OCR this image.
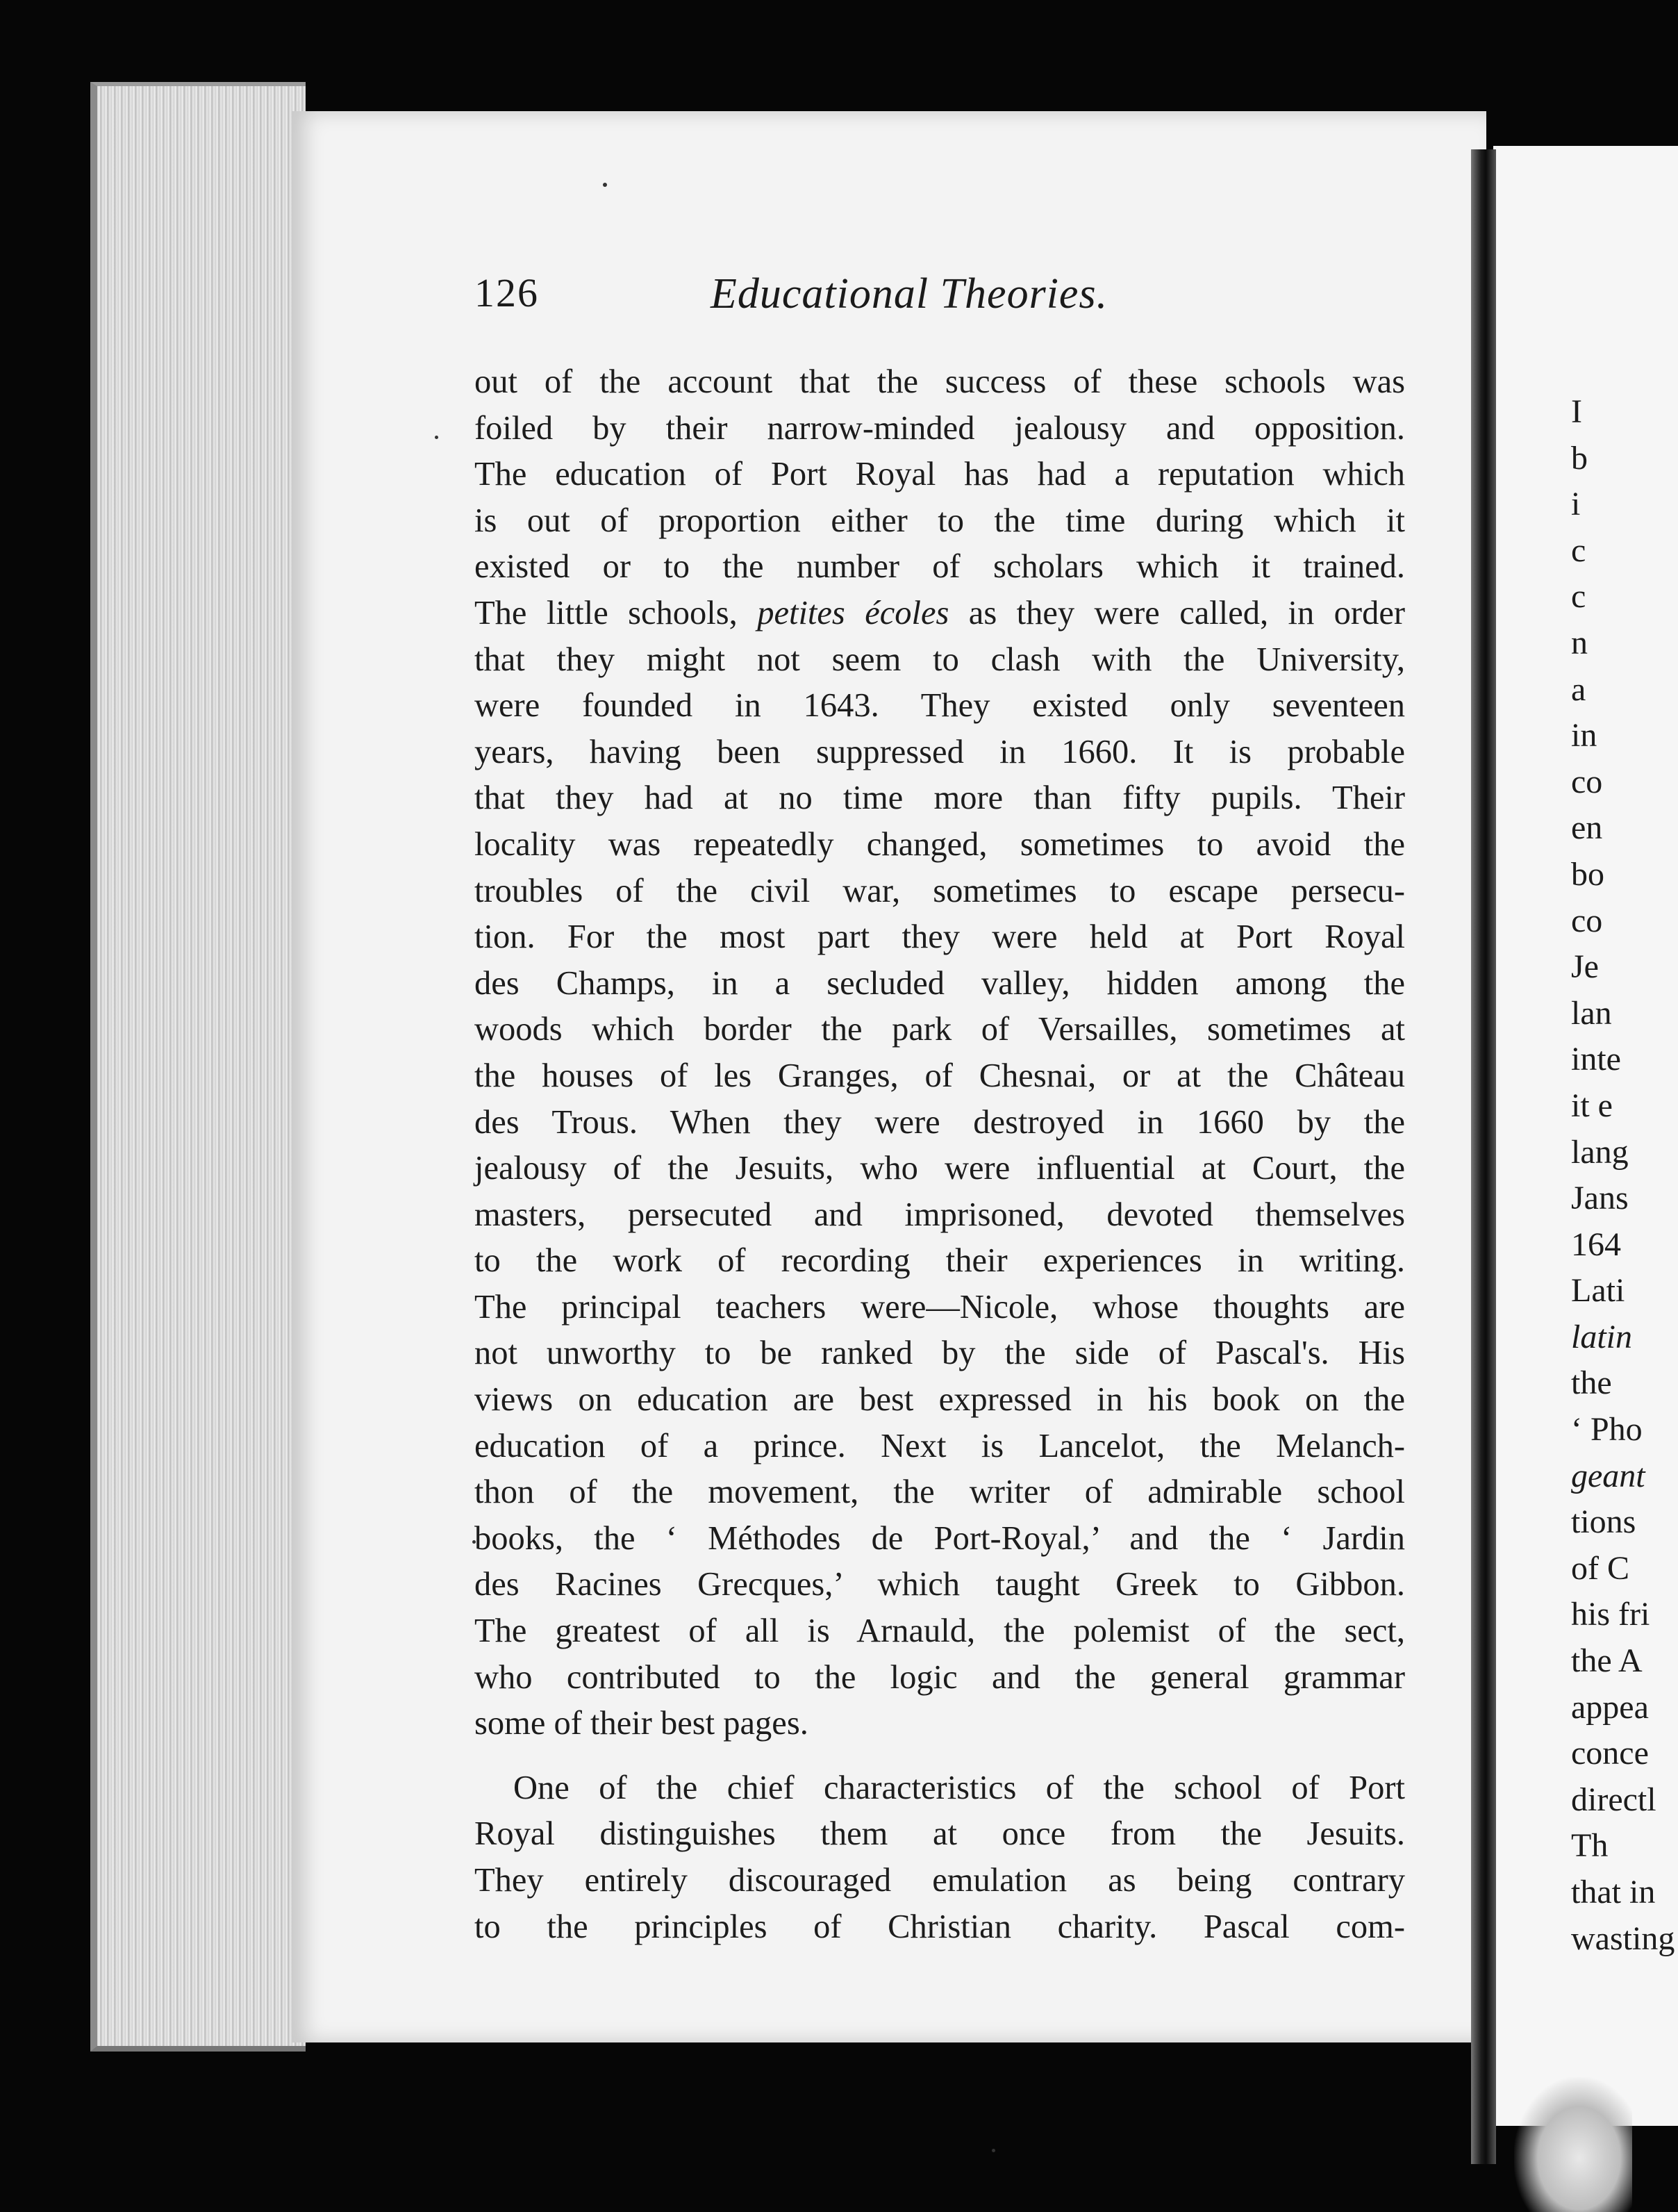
126	Educational Theories.
out of the account that the success of these schools was
foiled by their narrow-minded jealousy and opposition.
The education of Port Royal has had a reputation which
is out of proportion either to the time during which it
existed or to the number of scholars which it trained.
The little schools, petites écoles as they were called, in order
that they might not seem to clash with the University,
were founded in 1643. They existed only seventeen
years, having been suppressed in 1660. It is probable
that they had at no time more than fifty pupils. Their
locality was repeatedly changed, sometimes to avoid the
troubles of the civil war, sometimes to escape persecu-
tion. For the most part they were held at Port Royal
des Champs, in a secluded valley, hidden among the
woods which border the park of Versailles, sometimes at
the houses of les Granges, of Chesnai, or at the Château
des Trous. When they were destroyed in 1660 by the
jealousy of the Jesuits, who were influential at Court, the
masters, persecuted and imprisoned, devoted themselves
to the work of recording their experiences in writing.
The principal teachers were—Nicole, whose thoughts are
not unworthy to be ranked by the side of Pascal's. His
views on education are best expressed in his book on the
education of a prince. Next is Lancelot, the Melanch-
thon of the movement, the writer of admirable school
books, the ‘ Méthodes de Port-Royal,’ and the ‘ Jardin
des Racines Grecques,’ which taught Greek to Gibbon.
The greatest of all is Arnauld, the polemist of the sect,
who contributed to the logic and the general grammar
some of their best pages.
One of the chief characteristics of the school of Port
Royal distinguishes them at once from the Jesuits.
They entirely discouraged emulation as being contrary
to the principles of Christian charity. Pascal com-
I
b
i
c
c
n
a
in
co
en
bo
co
Je
lan
inte
it e
lang
Jans
164
Lati
latin
the
‘ Pho
geant
tions
of C
his fri
the A
appea
conce
directl
Th
that in
wasting
